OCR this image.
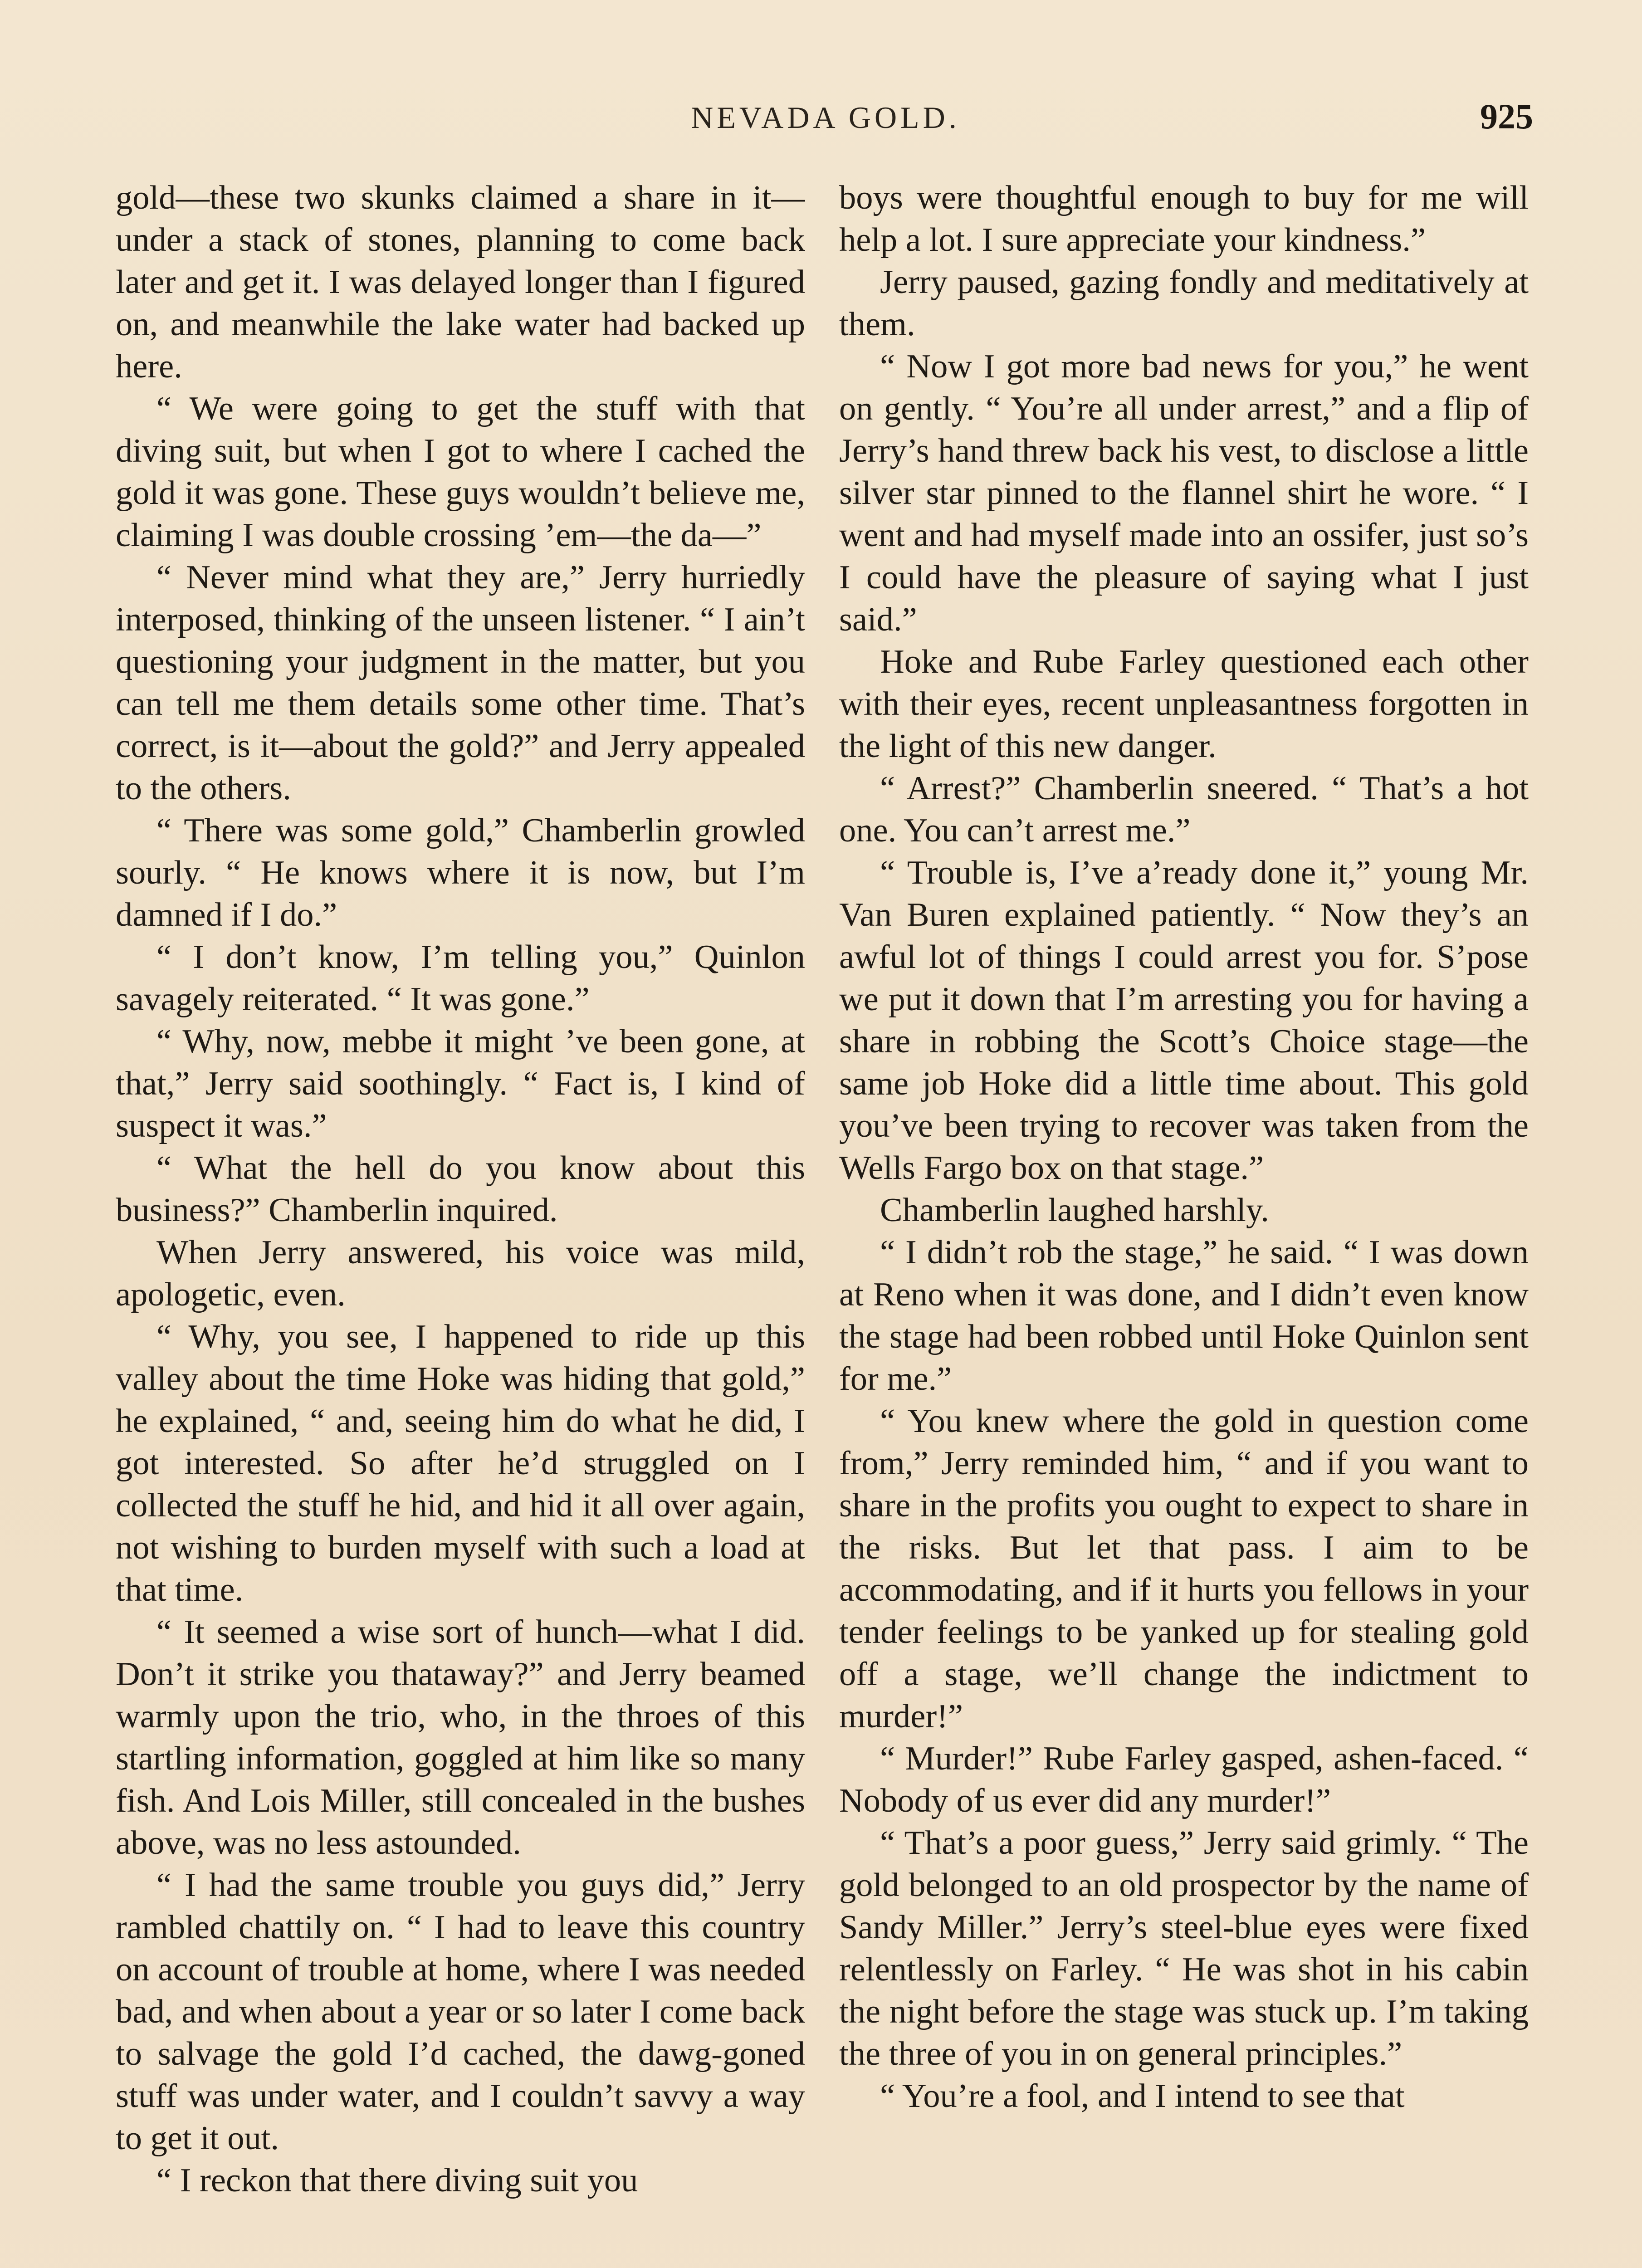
NEVADA GOLD.	925

gold—these two skunks claimed a share in it—under a stack of stones, planning to come back later and get it. I was delayed longer than I figured on, and meanwhile the lake water had backed up here.

“ We were going to get the stuff with that diving suit, but when I got to where I cached the gold it was gone. These guys wouldn’t believe me, claiming I was double crossing ’em—the da—”

“ Never mind what they are,” Jerry hurriedly interposed, thinking of the unseen listener. “ I ain’t questioning your judgment in the matter, but you can tell me them details some other time. That’s correct, is it—about the gold?” and Jerry appealed to the others.

“ There was some gold,” Chamberlin growled sourly. “ He knows where it is now, but I’m damned if I do.”

“ I don’t know, I’m telling you,” Quinlon savagely reiterated. “ It was gone.”

“ Why, now, mebbe it might ’ve been gone, at that,” Jerry said soothingly. “ Fact is, I kind of suspect it was.”

“ What the hell do you know about this business?” Chamberlin inquired.

When Jerry answered, his voice was mild, apologetic, even.

“ Why, you see, I happened to ride up this valley about the time Hoke was hiding that gold,” he explained, “ and, seeing him do what he did, I got interested. So after he’d struggled on I collected the stuff he hid, and hid it all over again, not wishing to burden myself with such a load at that time.

“ It seemed a wise sort of hunch—what I did. Don’t it strike you thataway?” and Jerry beamed warmly upon the trio, who, in the throes of this startling information, goggled at him like so many fish. And Lois Miller, still concealed in the bushes above, was no less astounded.

“ I had the same trouble you guys did,” Jerry rambled chattily on. “ I had to leave this country on account of trouble at home, where I was needed bad, and when about a year or so later I come back to salvage the gold I’d cached, the dawg-goned stuff was under water, and I couldn’t savvy a way to get it out.

“ I reckon that there diving suit you

boys were thoughtful enough to buy for me will help a lot. I sure appreciate your kindness.”

Jerry paused, gazing fondly and meditatively at them.

“ Now I got more bad news for you,” he went on gently. “ You’re all under arrest,” and a flip of Jerry’s hand threw back his vest, to disclose a little silver star pinned to the flannel shirt he wore. “ I went and had myself made into an ossifer, just so’s I could have the pleasure of saying what I just said.”

Hoke and Rube Farley questioned each other with their eyes, recent unpleasantness forgotten in the light of this new danger.

“ Arrest?” Chamberlin sneered. “ That’s a hot one. You can’t arrest me.”

“ Trouble is, I’ve a’ready done it,” young Mr. Van Buren explained patiently. “ Now they’s an awful lot of things I could arrest you for. S’pose we put it down that I’m arresting you for having a share in robbing the Scott’s Choice stage—the same job Hoke did a little time about. This gold you’ve been trying to recover was taken from the Wells Fargo box on that stage.”

Chamberlin laughed harshly.

“ I didn’t rob the stage,” he said. “ I was down at Reno when it was done, and I didn’t even know the stage had been robbed until Hoke Quinlon sent for me.”

“ You knew where the gold in question come from,” Jerry reminded him, “ and if you want to share in the profits you ought to expect to share in the risks. But let that pass. I aim to be accommodating, and if it hurts you fellows in your tender feelings to be yanked up for stealing gold off a stage, we’ll change the indictment to murder!”

“ Murder!” Rube Farley gasped, ashen-faced. “ Nobody of us ever did any murder!”

“ That’s a poor guess,” Jerry said grimly. “ The gold belonged to an old prospector by the name of Sandy Miller.” Jerry’s steel-blue eyes were fixed relentlessly on Farley. “ He was shot in his cabin the night before the stage was stuck up. I’m taking the three of you in on general principles.”

“ You’re a fool, and I intend to see that
